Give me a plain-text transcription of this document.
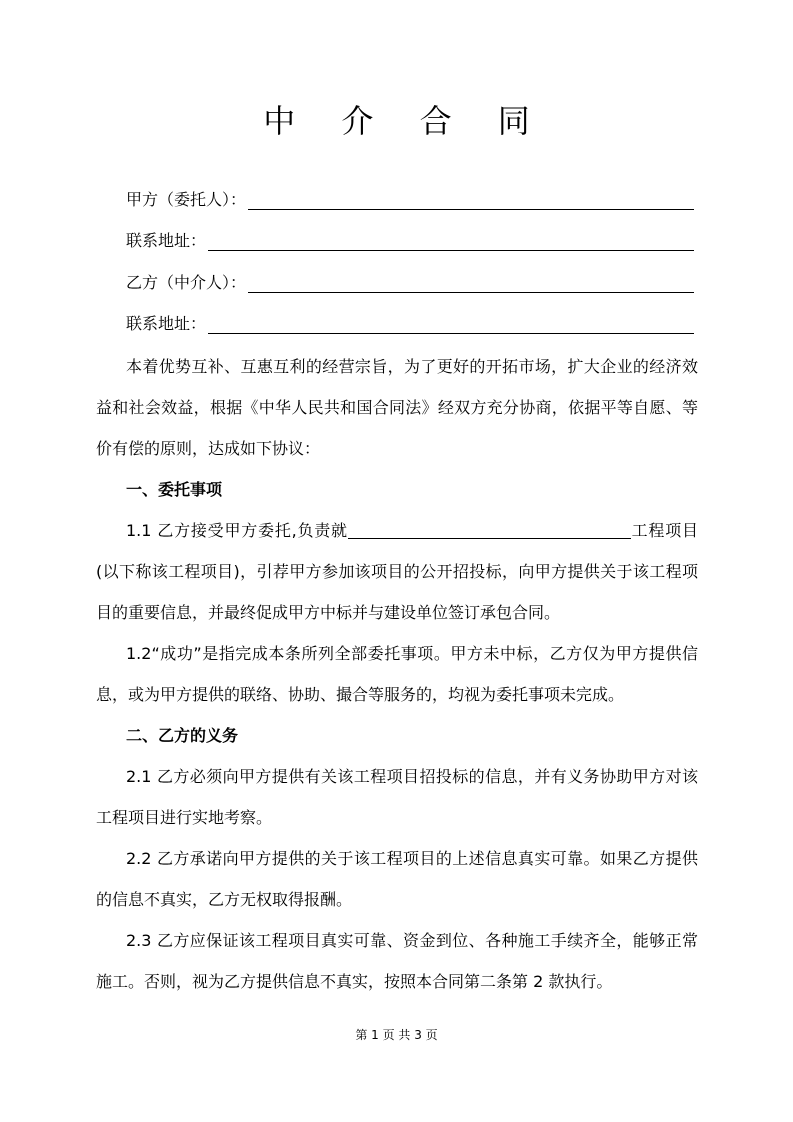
中 介 合 同
甲方（委托人）：
联系地址：
乙方（中介人）：
联系地址：

本着优势互补、互惠互利的经营宗旨，为了更好的开拓市场，扩大企业的经济效益和社会效益，根据《中华人民共和国合同法》经双方充分协商，依据平等自愿、等价有偿的原则，达成如下协议：

一、委托事项

1.1 乙方接受甲方委托,负责就	工程项目(以下称该工程项目)，引荐甲方参加该项目的公开招投标，向甲方提供关于该工程项目的重要信息，并最终促成甲方中标并与建设单位签订承包合同。

1.2“成功”是指完成本条所列全部委托事项。甲方未中标，乙方仅为甲方提供信息，或为甲方提供的联络、协助、撮合等服务的，均视为委托事项未完成。

二、乙方的义务

2.1 乙方必须向甲方提供有关该工程项目招投标的信息，并有义务协助甲方对该工程项目进行实地考察。

2.2 乙方承诺向甲方提供的关于该工程项目的上述信息真实可靠。如果乙方提供的信息不真实，乙方无权取得报酬。

2.3 乙方应保证该工程项目真实可靠、资金到位、各种施工手续齐全，能够正常施工。否则，视为乙方提供信息不真实，按照本合同第二条第 2 款执行。

第 1 页 共 3 页
